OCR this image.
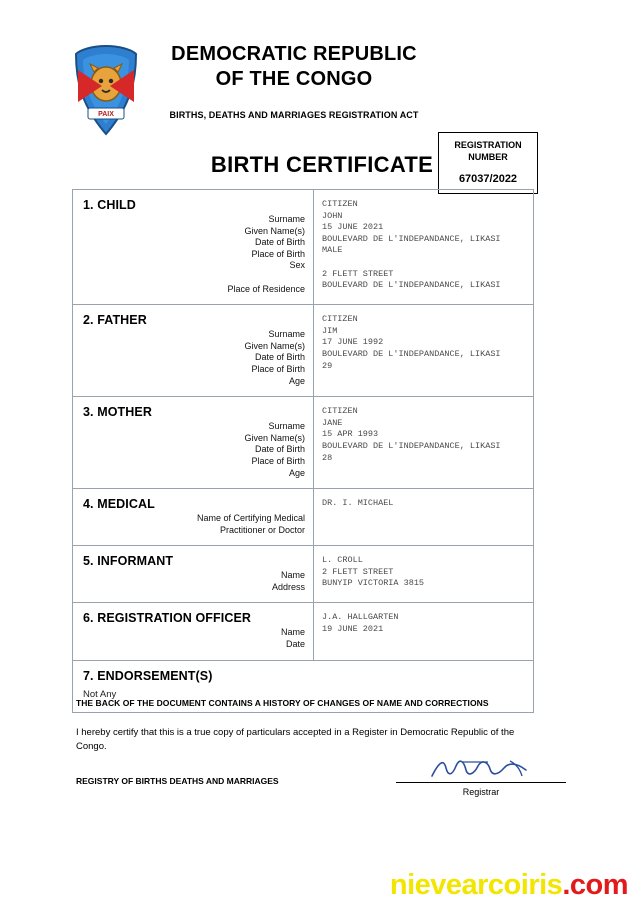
PAIX
DEMOCRATIC REPUBLIC
OF THE CONGO
BIRTHS, DEATHS AND MARRIAGES REGISTRATION ACT
REGISTRATION
NUMBER
67037/2022
BIRTH CERTIFICATE
1. CHILD
Surname
Given Name(s)
Date of Birth
Place of Birth
Sex
Place of Residence
CITIZEN
JOHN
15 JUNE 2021
BOULEVARD DE L'INDEPANDANCE, LIKASI
MALE
2 FLETT STREET
BOULEVARD DE L'INDEPANDANCE, LIKASI
2. FATHER
Surname
Given Name(s)
Date of Birth
Place of Birth
Age
CITIZEN
JIM
17 JUNE 1992
BOULEVARD DE L'INDEPANDANCE, LIKASI
29
3. MOTHER
Surname
Given Name(s)
Date of Birth
Place of Birth
Age
CITIZEN
JANE
15 APR 1993
BOULEVARD DE L'INDEPANDANCE, LIKASI
28
4. MEDICAL
Name of Certifying Medical
Practitioner or Doctor
DR. I. MICHAEL
5. INFORMANT
Name
Address
L. CROLL
2 FLETT STREET
BUNYIP VICTORIA 3815
6. REGISTRATION OFFICER
Name
Date
J.A. HALLGARTEN
19 JUNE 2021
7. ENDORSEMENT(S)
Not Any
THE BACK OF THE DOCUMENT CONTAINS A HISTORY OF CHANGES OF NAME AND CORRECTIONS
I hereby certify that this is a true copy of particulars accepted in a Register in Democratic Republic of the Congo.
REGISTRY OF BIRTHS DEATHS AND MARRIAGES
Registrar
nievearcoiris.com
